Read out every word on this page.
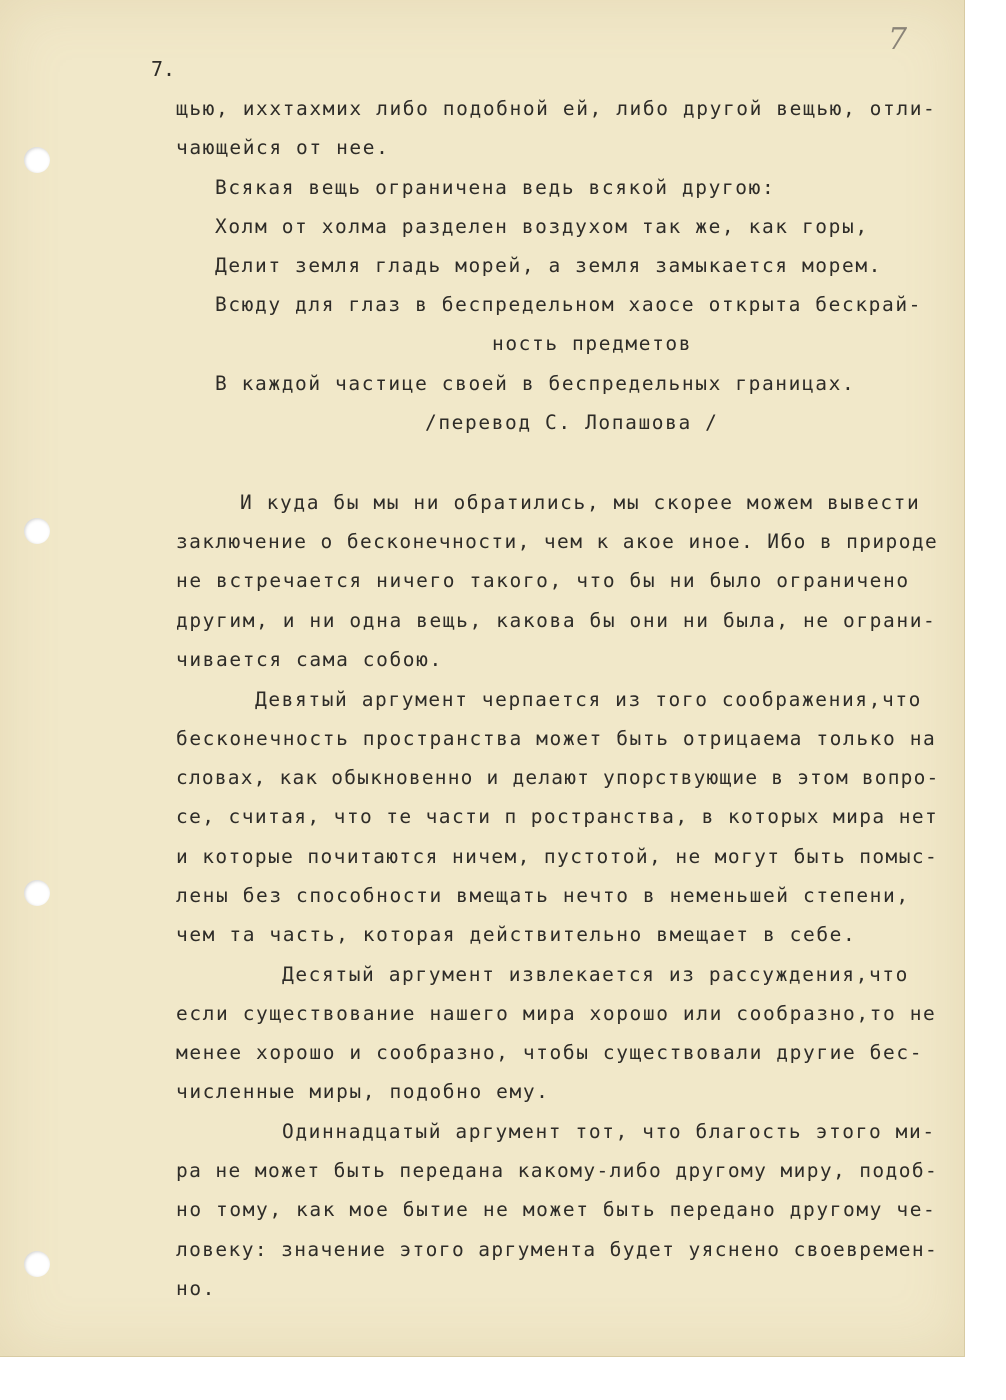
7.
7
щью, иххтахмих либо подобной ей, либо другой вещью, отли-
чающейся от нее.
Всякая вещь ограничена ведь всякой другою:
Холм от холма разделен воздухом так же, как горы,
Делит земля гладь морей, а земля замыкается морем.
Всюду для глаз в беспредельном хаосе открыта бескрай-
ность предметов
В каждой частице своей в беспредельных границах.
/перевод С. Лопашова /
И куда бы мы ни обратились, мы скорее можем вывести
заключение о бесконечности, чем к акое иное. Ибо в природе
не встречается ничего такого, что бы ни было ограничено
другим, и ни одна вещь, какова бы они ни была, не ограни-
чивается сама собою.
Девятый аргумент черпается из того соображения,что
бесконечность пространства может быть отрицаема только на
словах, как обыкновенно и делают упорствующие в этом вопро-
се, считая, что те части п ространства, в которых мира нет
и которые почитаются ничем, пустотой, не могут быть помыс-
лены без способности вмещать нечто в неменьшей степени,
чем та часть, которая действительно вмещает в себе.
Десятый аргумент извлекается из рассуждения,что
если существование нашего мира хорошо или сообразно,то не
менее хорошо и сообразно, чтобы существовали другие бес-
численные миры, подобно ему.
Одиннадцатый аргумент тот, что благость этого ми-
ра не может быть передана какому-либо другому миру, подоб-
но тому, как мое бытие не может быть передано другому че-
ловеку: значение этого аргумента будет уяснено своевремен-
но.
